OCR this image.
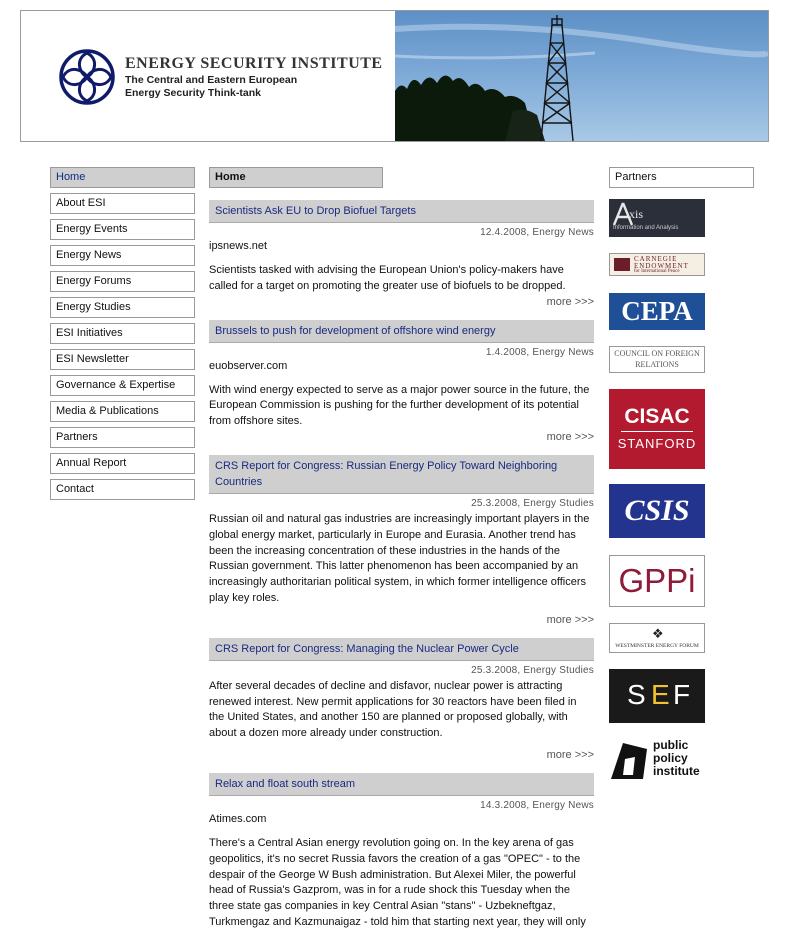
ENERGY SECURITY INSTITUTE
The Central and Eastern European
Energy Security Think-tank
Home
About ESI
Energy Events
Energy News
Energy Forums
Energy Studies
ESI Initiatives
ESI Newsletter
Governance & Expertise
Media & Publications
Partners
Annual Report
Contact
Home
Scientists Ask EU to Drop Biofuel Targets
12.4.2008, Energy News
ipsnews.net
Scientists tasked with advising the European Union's policy-makers have called for a target on promoting the greater use of biofuels to be dropped.
more >>>
Brussels to push for development of offshore wind energy
1.4.2008, Energy News
euobserver.com
With wind energy expected to serve as a major power source in the future, the European Commission is pushing for the further development of its potential from offshore sites.
more >>>
CRS Report for Congress: Russian Energy Policy Toward Neighboring Countries
25.3.2008, Energy Studies
Russian oil and natural gas industries are increasingly important players in the global energy market, particularly in Europe and Eurasia. Another trend has been the increasing concentration of these industries in the hands of the Russian government. This latter phenomenon has been accompanied by an increasingly authoritarian political system, in which former intelligence officers play key roles.
more >>>
CRS Report for Congress: Managing the Nuclear Power Cycle
25.3.2008, Energy Studies
After several decades of decline and disfavor, nuclear power is attracting renewed interest. New permit applications for 30 reactors have been filed in the United States, and another 150 are planned or proposed globally, with about a dozen more already under construction.
more >>>
Relax and float south stream
14.3.2008, Energy News
Atimes.com
There's a Central Asian energy revolution going on. In the key arena of gas geopolitics, it's no secret Russia favors the creation of a gas "OPEC" - to the despair of the George W Bush administration. But Alexei Miler, the powerful head of Russia's Gazprom, was in for a rude shock this Tuesday when the three state gas companies in key Central Asian "stans" - Uzbekneftgaz, Turkmengaz and Kazmunaigaz - told him that starting next year, they will only
Partners
xis
Information and Analysis
CARNEGIE
ENDOWMENT
for International Peace
CEPA
COUNCIL ON FOREIGN
RELATIONS
CISAC
STANFORD
CSIS
GPPi
❖
WESTMINSTER ENERGY FORUM
S E F
public
policy
institute
